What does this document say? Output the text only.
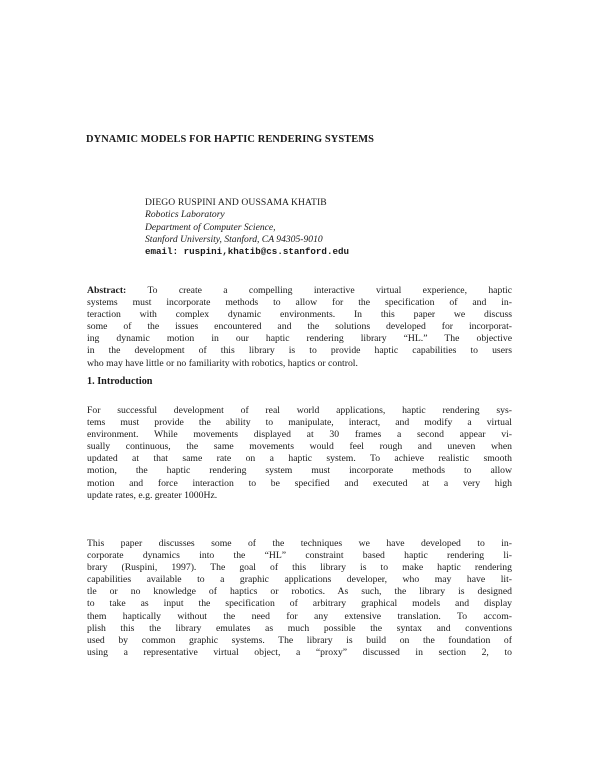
DYNAMIC MODELS FOR HAPTIC RENDERING SYSTEMS
DIEGO RUSPINI AND OUSSAMA KHATIB
Robotics Laboratory
Department of Computer Science,
Stanford University, Stanford, CA 94305-9010
email: ruspini,khatib@cs.stanford.edu
Abstract: To create a compelling interactive virtual experience, haptic
systems must incorporate methods to allow for the specification of and in-
teraction with complex dynamic environments. In this paper we discuss
some of the issues encountered and the solutions developed for incorporat-
ing dynamic motion in our haptic rendering library “HL.” The objective
in the development of this library is to provide haptic capabilities to users
who may have little or no familiarity with robotics, haptics or control.
1. Introduction
For successful development of real world applications, haptic rendering sys-
tems must provide the ability to manipulate, interact, and modify a virtual
environment. While movements displayed at 30 frames a second appear vi-
sually continuous, the same movements would feel rough and uneven when
updated at that same rate on a haptic system. To achieve realistic smooth
motion, the haptic rendering system must incorporate methods to allow
motion and force interaction to be specified and executed at a very high
update rates, e.g. greater 1000Hz.
This paper discusses some of the techniques we have developed to in-
corporate dynamics into the “HL” constraint based haptic rendering li-
brary (Ruspini, 1997). The goal of this library is to make haptic rendering
capabilities available to a graphic applications developer, who may have lit-
tle or no knowledge of haptics or robotics. As such, the library is designed
to take as input the specification of arbitrary graphical models and display
them haptically without the need for any extensive translation. To accom-
plish this the library emulates as much possible the syntax and conventions
used by common graphic systems. The library is build on the foundation of
using a representative virtual object, a “proxy” discussed in section 2, to
